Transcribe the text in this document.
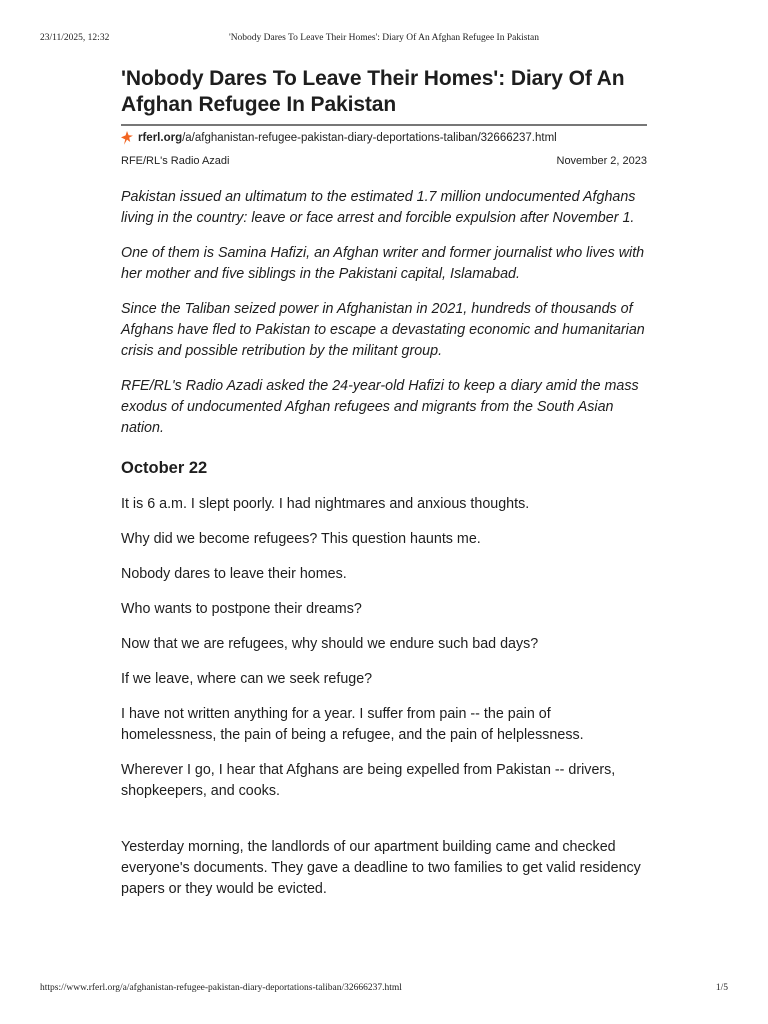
23/11/2025, 12:32	'Nobody Dares To Leave Their Homes': Diary Of An Afghan Refugee In Pakistan
'Nobody Dares To Leave Their Homes': Diary Of An Afghan Refugee In Pakistan
rferl.org /a/afghanistan-refugee-pakistan-diary-deportations-taliban/32666237.html
RFE/RL's Radio Azadi	November 2, 2023

Pakistan issued an ultimatum to the estimated 1.7 million undocumented Afghans living in the country: leave or face arrest and forcible expulsion after November 1.

One of them is Samina Hafizi, an Afghan writer and former journalist who lives with her mother and five siblings in the Pakistani capital, Islamabad.

Since the Taliban seized power in Afghanistan in 2021, hundreds of thousands of Afghans have fled to Pakistan to escape a devastating economic and humanitarian crisis and possible retribution by the militant group.

RFE/RL's Radio Azadi asked the 24-year-old Hafizi to keep a diary amid the mass exodus of undocumented Afghan refugees and migrants from the South Asian nation.

October 22

It is 6 a.m. I slept poorly. I had nightmares and anxious thoughts.

Why did we become refugees? This question haunts me.

Nobody dares to leave their homes.

Who wants to postpone their dreams?

Now that we are refugees, why should we endure such bad days?

If we leave, where can we seek refuge?

I have not written anything for a year. I suffer from pain -- the pain of homelessness, the pain of being a refugee, and the pain of helplessness.

Wherever I go, I hear that Afghans are being expelled from Pakistan -- drivers, shopkeepers, and cooks.

Yesterday morning, the landlords of our apartment building came and checked everyone's documents. They gave a deadline to two families to get valid residency papers or they would be evicted.

https://www.rferl.org/a/afghanistan-refugee-pakistan-diary-deportations-taliban/32666237.html	1/5
